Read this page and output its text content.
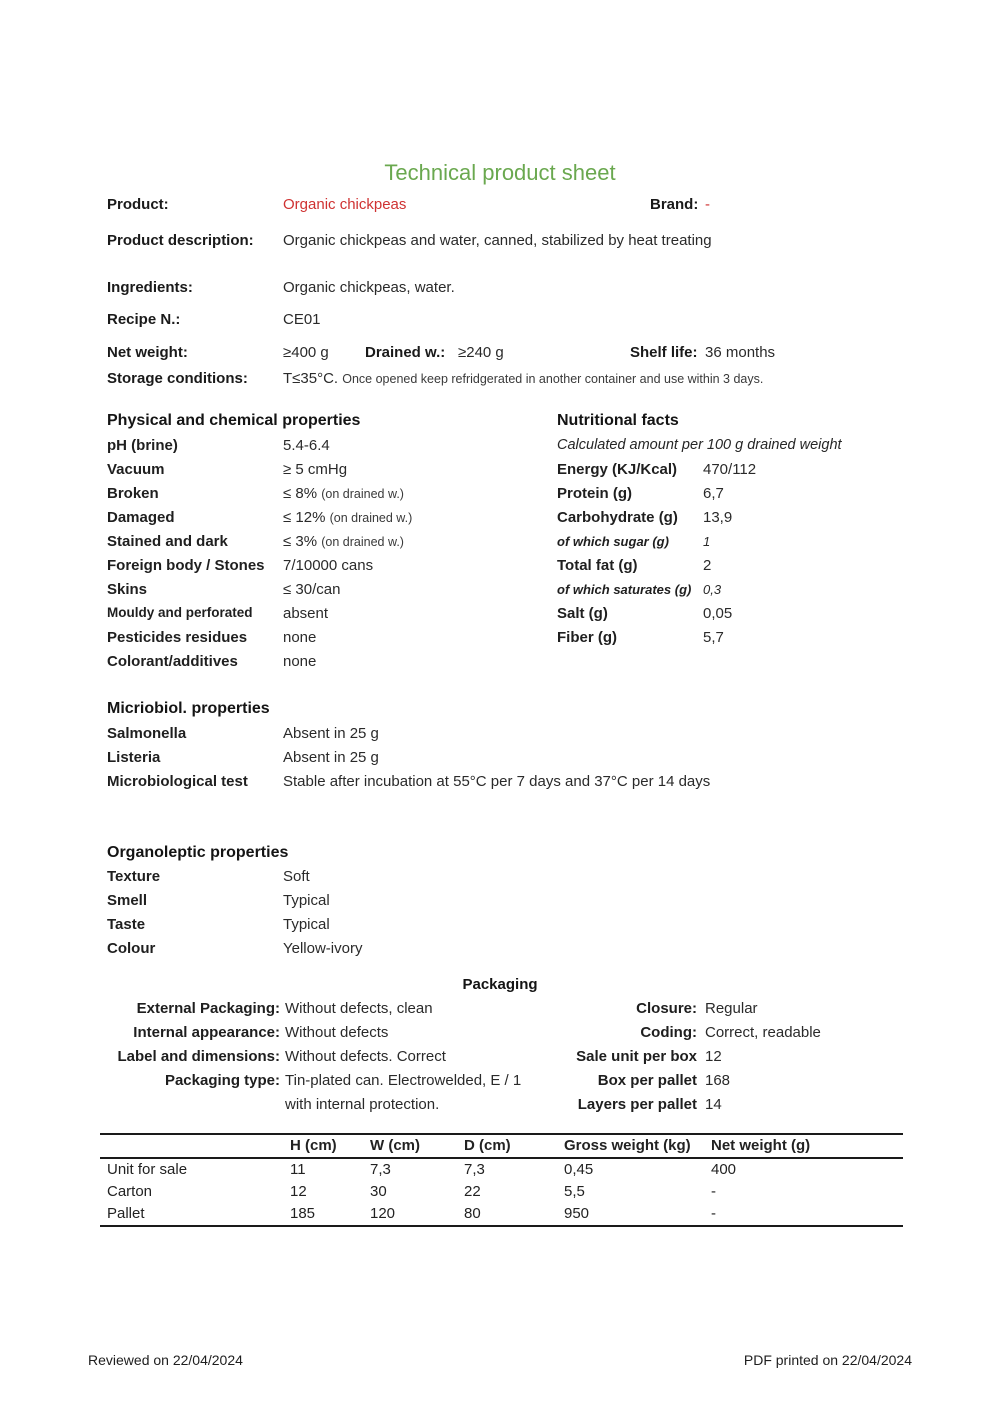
Technical product sheet
Product:	Organic chickpeas	Brand: -
Product description: Organic chickpeas and water, canned, stabilized by heat treating
Ingredients:	Organic chickpeas, water.
Recipe N.:	CE01
Net weight:	≥400 g Drained w.: ≥240 g	Shelf life: 36 months
Storage conditions: T≤35°C. Once opened keep refridgerated in another container and use within 3 days.
Physical and chemical properties
pH (brine)	5.4-6.4
Vacuum	≥ 5 cmHg
Broken	≤ 8% (on drained w.)
Damaged	≤ 12% (on drained w.)
Stained and dark	≤ 3% (on drained w.)
Foreign body / Stones 7/10000 cans
Skins	≤ 30/can
Mouldy and perforated absent
Pesticides residues none
Colorant/additives	none
Nutritional facts
Calculated amount per 100 g drained weight
Energy (KJ/Kcal) 470/112
Protein (g)	6,7
Carbohydrate (g) 13,9
of which sugar (g)	1
Total fat (g)	2
of which saturates (g) 0,3
Salt (g)	0,05
Fiber (g)	5,7
Micriobiol. properties
Salmonella	Absent in 25 g
Listeria	Absent in 25 g
Microbiological test Stable after incubation at 55°C per 7 days and 37°C per 14 days
Organoleptic properties
Texture	Soft
Smell	Typical
Taste	Typical
Colour	Yellow-ivory
Packaging
External Packaging: Without defects, clean	Closure: Regular
Internal appearance: Without defects	Coding: Correct, readable
Label and dimensions: Without defects. Correct	Sale unit per box 12
Packaging type: Tin-plated can. Electrowelded, E / 1	Box per pallet 168
with internal protection.	Layers per pallet 14
	H (cm)	W (cm)	D (cm)	Gross weight (kg)	Net weight (g)
Unit for sale	11	7,3	7,3	0,45	400
Carton	12	30	22	5,5	-
Pallet	185	120	80	950	-
Reviewed on 22/04/2024	PDF printed on 22/04/2024
